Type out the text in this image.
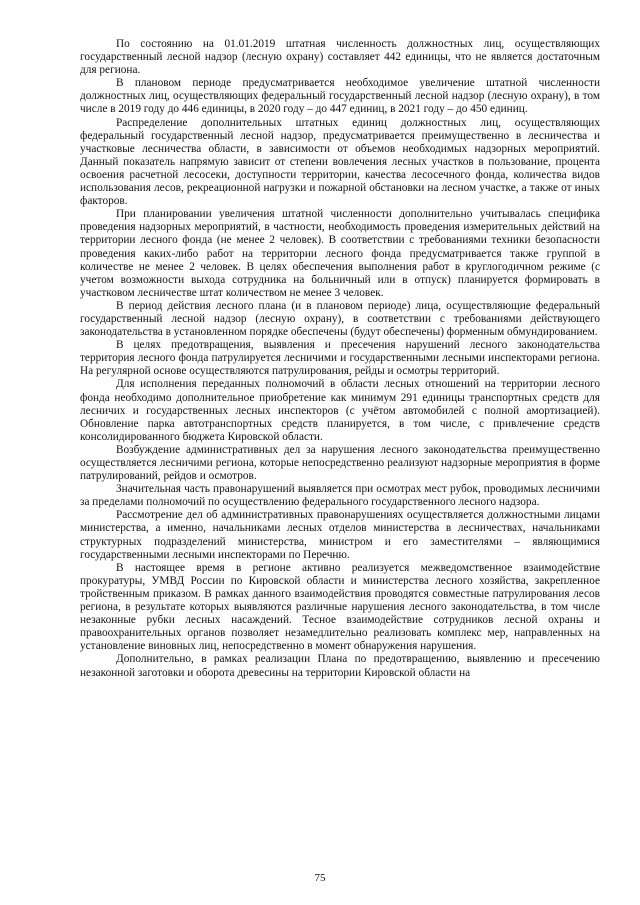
По состоянию на 01.01.2019 штатная численность должностных лиц, осуществляющих государственный лесной надзор (лесную охрану) составляет 442 единицы, что не является достаточным для региона.

В плановом периоде предусматривается необходимое увеличение штатной численности должностных лиц, осуществляющих федеральный государственный лесной надзор (лесную охрану), в том числе в 2019 году до 446 единицы, в 2020 году – до 447 единиц, в 2021 году – до 450 единиц.

Распределение дополнительных штатных единиц должностных лиц, осуществляющих федеральный государственный лесной надзор, предусматривается преимущественно в лесничества и участковые лесничества области, в зависимости от объемов необходимых надзорных мероприятий. Данный показатель напрямую зависит от степени вовлечения лесных участков в пользование, процента освоения расчетной лесосеки, доступности территории, качества лесосечного фонда, количества видов использования лесов, рекреационной нагрузки и пожарной обстановки на лесном участке, а также от иных факторов.

При планировании увеличения штатной численности дополнительно учитывалась специфика проведения надзорных мероприятий, в частности, необходимость проведения измерительных действий на территории лесного фонда (не менее 2 человек). В соответствии с требованиями техники безопасности проведения каких-либо работ на территории лесного фонда предусматривается также группой в количестве не менее 2 человек. В целях обеспечения выполнения работ в круглогодичном режиме (с учетом возможности выхода сотрудника на больничный или в отпуск) планируется формировать в участковом лесничестве штат количеством не менее 3 человек.

В период действия лесного плана (и в плановом периоде) лица, осуществляющие федеральный государственный лесной надзор (лесную охрану), в соответствии с требованиями действующего законодательства в установленном порядке обеспечены (будут обеспечены) форменным обмундированием.

В целях предотвращения, выявления и пресечения нарушений лесного законодательства территория лесного фонда патрулируется лесничими и государственными лесными инспекторами региона. На регулярной основе осуществляются патрулирования, рейды и осмотры территорий.

Для исполнения переданных полномочий в области лесных отношений на территории лесного фонда необходимо дополнительное приобретение как минимум 291 единицы транспортных средств для лесничих и государственных лесных инспекторов (с учётом автомобилей с полной амортизацией). Обновление парка автотранспортных средств планируется, в том числе, с привлечение средств консолидированного бюджета Кировской области.

Возбуждение административных дел за нарушения лесного законодательства преимущественно осуществляется лесничими региона, которые непосредственно реализуют надзорные мероприятия в форме патрулирований, рейдов и осмотров.

Значительная часть правонарушений выявляется при осмотрах мест рубок, проводимых лесничими за пределами полномочий по осуществлению федерального государственного лесного надзора.

Рассмотрение дел об административных правонарушениях осуществляется должностными лицами министерства, а именно, начальниками лесных отделов министерства в лесничествах, начальниками структурных подразделений министерства, министром и его заместителями – являющимися государственными лесными инспекторами по Перечню.

В настоящее время в регионе активно реализуется межведомственное взаимодействие прокуратуры, УМВД России по Кировской области и министерства лесного хозяйства, закрепленное тройственным приказом. В рамках данного взаимодействия проводятся совместные патрулирования лесов региона, в результате которых выявляются различные нарушения лесного законодательства, в том числе незаконные рубки лесных насаждений. Тесное взаимодействие сотрудников лесной охраны и правоохранительных органов позволяет незамедлительно реализовать комплекс мер, направленных на установление виновных лиц, непосредственно в момент обнаружения нарушения.

Дополнительно, в рамках реализации Плана по предотвращению, выявлению и пресечению незаконной заготовки и оборота древесины на территории Кировской области на

75
